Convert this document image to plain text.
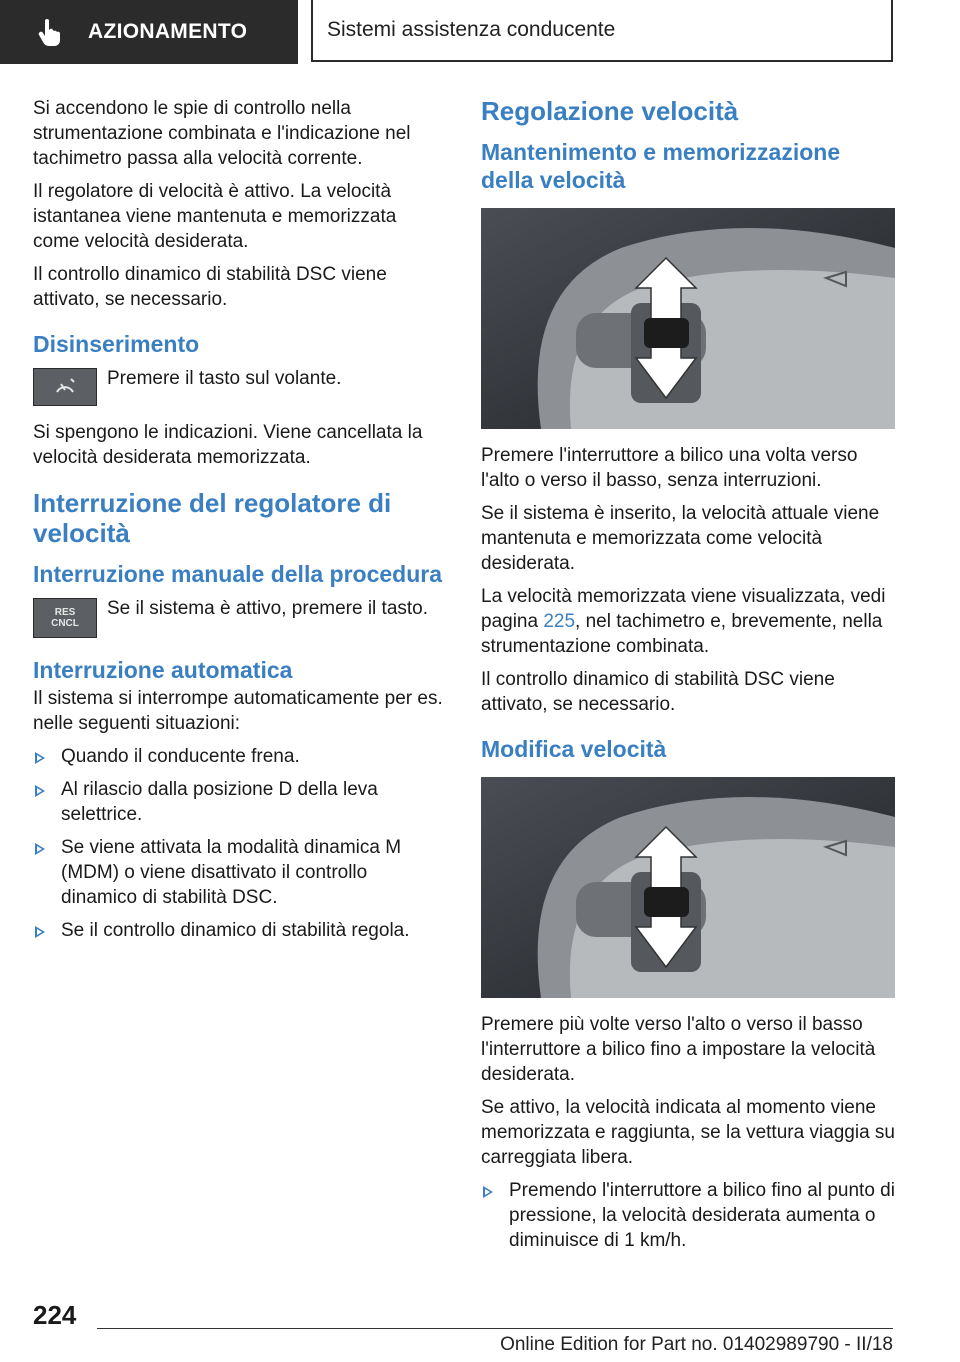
AZIONAMENTO	Sistemi assistenza conducente

Si accendono le spie di controllo nella strumentazione combinata e l'indicazione nel tachimetro passa alla velocità corrente.

Il regolatore di velocità è attivo. La velocità istantanea viene mantenuta e memorizzata come velocità desiderata.

Il controllo dinamico di stabilità DSC viene attivato, se necessario.

Disinserimento
Premere il tasto sul volante.

Si spengono le indicazioni. Viene cancellata la velocità desiderata memorizzata.

Interruzione del regolatore di velocità
Interruzione manuale della procedura
RES
CNCL
Se il sistema è attivo, premere il tasto.
Interruzione automatica

Il sistema si interrompe automaticamente per es. nelle seguenti situazioni:

Quando il conducente frena.
Al rilascio dalla posizione D della leva selettrice.
Se viene attivata la modalità dinamica M (MDM) o viene disattivato il controllo dinamico di stabilità DSC.
Se il controllo dinamico di stabilità regola.
Regolazione velocità
Mantenimento e memorizzazione della velocità

Premere l'interruttore a bilico una volta verso l'alto o verso il basso, senza interruzioni.

Se il sistema è inserito, la velocità attuale viene mantenuta e memorizzata come velocità desiderata.

La velocità memorizzata viene visualizzata, vedi pagina 225, nel tachimetro e, brevemente, nella strumentazione combinata.

Il controllo dinamico di stabilità DSC viene attivato, se necessario.

Modifica velocità

Premere più volte verso l'alto o verso il basso l'interruttore a bilico fino a impostare la velocità desiderata.

Se attivo, la velocità indicata al momento viene memorizzata e raggiunta, se la vettura viaggia su carreggiata libera.

Premendo l'interruttore a bilico fino al punto di pressione, la velocità desiderata aumenta o diminuisce di 1 km/h.
224
Online Edition for Part no. 01402989790 - II/18
